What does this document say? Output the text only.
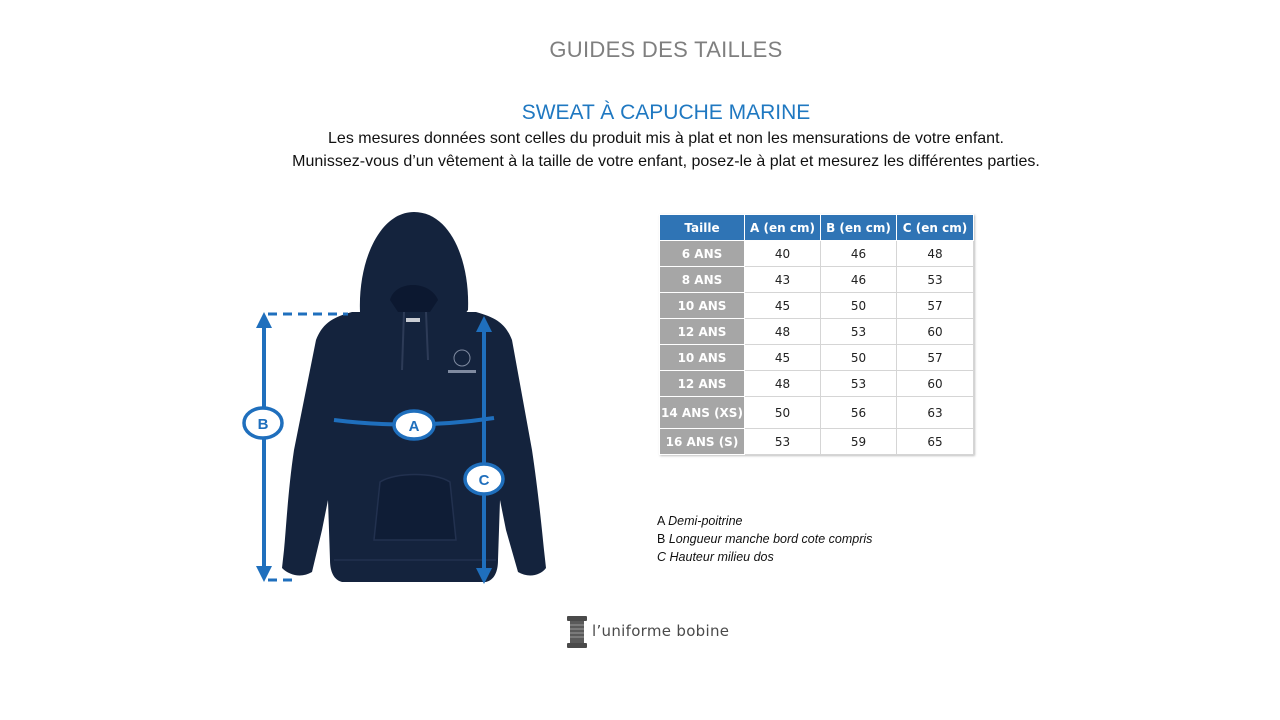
GUIDES DES TAILLES
SWEAT À CAPUCHE MARINE
Les mesures données sont celles du produit mis à plat et non les mensurations de votre enfant.
Munissez-vous d’un vêtement à la taille de votre enfant, posez-le à plat et mesurez les différentes parties.
B	A
C
Taille	A (en cm)	B (en cm)	C (en cm)
6 ANS	40	46	48
8 ANS	43	46	53
10 ANS	45	50	57
12 ANS	48	53	60
10 ANS	45	50	57
12 ANS	48	53	60
14 ANS (XS)	50	56	63
16 ANS (S)	53	59	65
A Demi-poitrine
B Longueur manche bord cote compris
C Hauteur milieu dos
l’uniforme bobine
